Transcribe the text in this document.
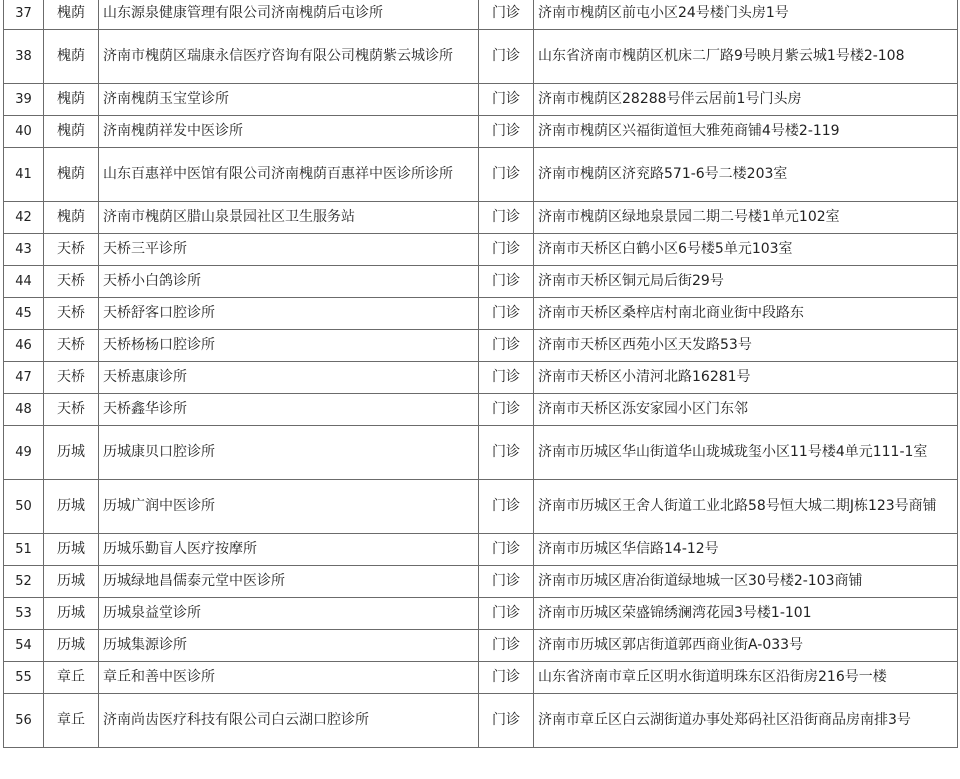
37	槐荫	山东源泉健康管理有限公司济南槐荫后屯诊所	门诊	济南市槐荫区前屯小区24号楼门头房1号
38	槐荫	济南市槐荫区瑞康永信医疗咨询有限公司槐荫紫云城诊所	门诊	山东省济南市槐荫区机床二厂路9号映月紫云城1号楼2-108
39	槐荫	济南槐荫玉宝堂诊所	门诊	济南市槐荫区28288号伴云居前1号门头房
40	槐荫	济南槐荫祥发中医诊所	门诊	济南市槐荫区兴福街道恒大雅苑商铺4号楼2-119
41	槐荫	山东百惠祥中医馆有限公司济南槐荫百惠祥中医诊所诊所	门诊	济南市槐荫区济兖路571-6号二楼203室
42	槐荫	济南市槐荫区腊山泉景园社区卫生服务站	门诊	济南市槐荫区绿地泉景园二期二号楼1单元102室
43	天桥	天桥三平诊所	门诊	济南市天桥区白鹤小区6号楼5单元103室
44	天桥	天桥小白鸽诊所	门诊	济南市天桥区铜元局后街29号
45	天桥	天桥舒客口腔诊所	门诊	济南市天桥区桑梓店村南北商业街中段路东
46	天桥	天桥杨杨口腔诊所	门诊	济南市天桥区西苑小区天发路53号
47	天桥	天桥惠康诊所	门诊	济南市天桥区小清河北路16281号
48	天桥	天桥鑫华诊所	门诊	济南市天桥区泺安家园小区门东邻
49	历城	历城康贝口腔诊所	门诊	济南市历城区华山街道华山珑城珑玺小区11号楼4单元111-1室
50	历城	历城广润中医诊所	门诊	济南市历城区王舍人街道工业北路58号恒大城二期J栋123号商铺
51	历城	历城乐勤盲人医疗按摩所	门诊	济南市历城区华信路14-12号
52	历城	历城绿地昌儒泰元堂中医诊所	门诊	济南市历城区唐冶街道绿地城一区30号楼2-103商铺
53	历城	历城泉益堂诊所	门诊	济南市历城区荣盛锦绣澜湾花园3号楼1-101
54	历城	历城集源诊所	门诊	济南市历城区郭店街道郭西商业街A-033号
55	章丘	章丘和善中医诊所	门诊	山东省济南市章丘区明水街道明珠东区沿街房216号一楼
56	章丘	济南尚齿医疗科技有限公司白云湖口腔诊所	门诊	济南市章丘区白云湖街道办事处郑码社区沿街商品房南排3号
